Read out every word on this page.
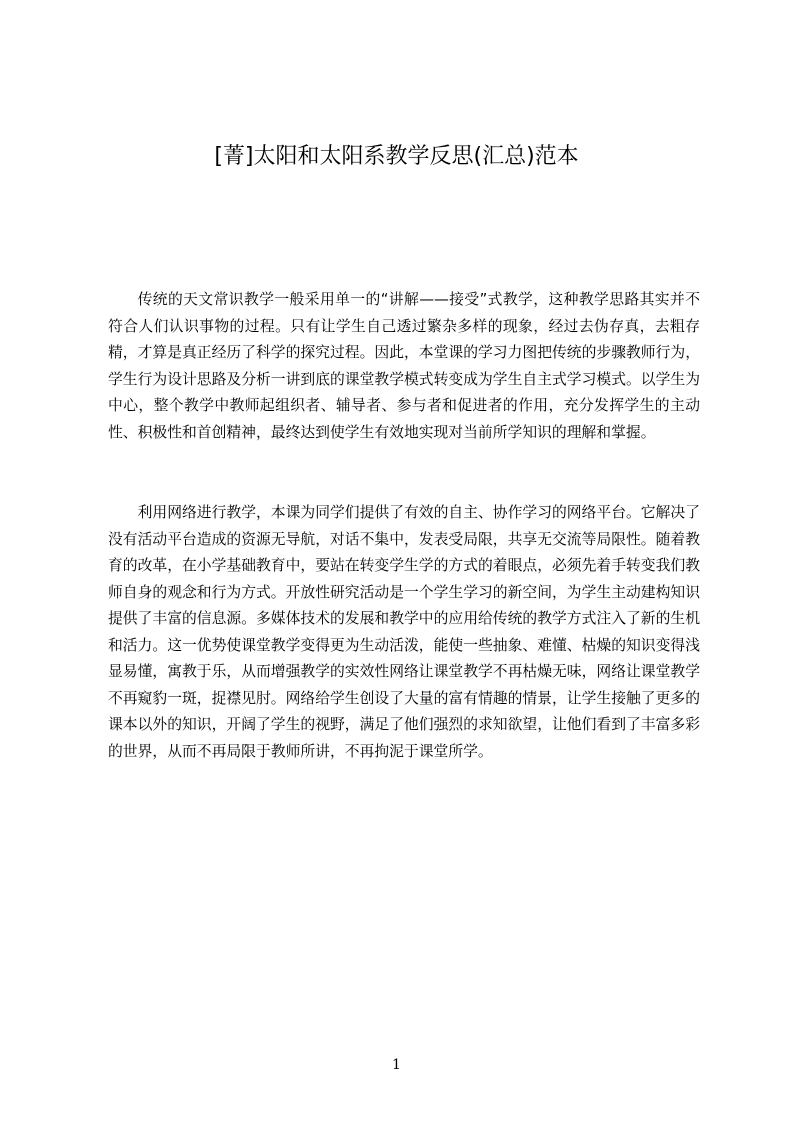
[菁]太阳和太阳系教学反思(汇总)范本

传统的天文常识教学一般采用单一的“讲解——接受”式教学，这种教学思路其实并不符合人们认识事物的过程。只有让学生自己透过繁杂多样的现象，经过去伪存真，去粗存精，才算是真正经历了科学的探究过程。因此，本堂课的学习力图把传统的步骤教师行为，学生行为设计思路及分析一讲到底的课堂教学模式转变成为学生自主式学习模式。以学生为中心，整个教学中教师起组织者、辅导者、参与者和促进者的作用，充分发挥学生的主动性、积极性和首创精神，最终达到使学生有效地实现对当前所学知识的理解和掌握。

利用网络进行教学，本课为同学们提供了有效的自主、协作学习的网络平台。它解决了没有活动平台造成的资源无导航，对话不集中，发表受局限，共享无交流等局限性。随着教育的改革，在小学基础教育中，要站在转变学生学的方式的着眼点，必须先着手转变我们教师自身的观念和行为方式。开放性研究活动是一个学生学习的新空间，为学生主动建构知识提供了丰富的信息源。多媒体技术的发展和教学中的应用给传统的教学方式注入了新的生机和活力。这一优势使课堂教学变得更为生动活泼，能使一些抽象、难懂、枯燥的知识变得浅显易懂，寓教于乐，从而增强教学的实效性网络让课堂教学不再枯燥无味，网络让课堂教学不再窥豹一斑，捉襟见肘。网络给学生创设了大量的富有情趣的情景，让学生接触了更多的课本以外的知识，开阔了学生的视野，满足了他们强烈的求知欲望，让他们看到了丰富多彩的世界，从而不再局限于教师所讲，不再拘泥于课堂所学。

1
